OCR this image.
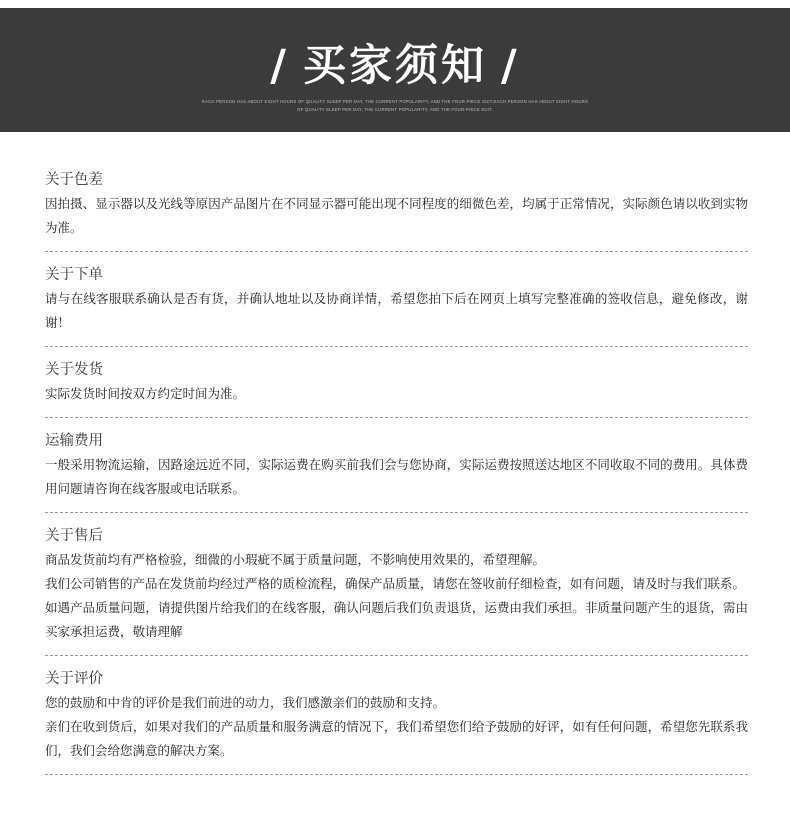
/ 买家须知 /
EACH PERSON HAS ABOUT EIGHT HOURS OF QUALITY SLEEP PER DAY, THE CURRENT POPULARITY, AND THE FOUR-PIECE SUIT.EACH PERSON HAS ABOUT EIGHT HOURS
OF QUALITY SLEEP PER DAY, THE CURRENT POPULARITY, AND THE FOUR-PIECE SUIT.

关于色差

因拍摄、显示器以及光线等原因产品图片在不同显示器可能出现不同程度的细微色差，均属于正常情况，实际颜色请以收到实物为准。

关于下单

请与在线客服联系确认是否有货，并确认地址以及协商详情，希望您拍下后在网页上填写完整准确的签收信息，避免修改，谢谢！

关于发货

实际发货时间按双方约定时间为准。

运输费用

一般采用物流运输，因路途远近不同，实际运费在购买前我们会与您协商，实际运费按照送达地区不同收取不同的费用。具体费用问题请咨询在线客服或电话联系。

关于售后

商品发货前均有严格检验，细微的小瑕疵不属于质量问题，不影响使用效果的，希望理解。

我们公司销售的产品在发货前均经过严格的质检流程，确保产品质量，请您在签收前仔细检查，如有问题，请及时与我们联系。

如遇产品质量问题，请提供图片给我们的在线客服，确认问题后我们负责退货，运费由我们承担。非质量问题产生的退货，需由买家承担运费，敬请理解

关于评价

您的鼓励和中肯的评价是我们前进的动力，我们感激亲们的鼓励和支持。

亲们在收到货后，如果对我们的产品质量和服务满意的情况下，我们希望您们给予鼓励的好评，如有任何问题，希望您先联系我们，我们会给您满意的解决方案。
